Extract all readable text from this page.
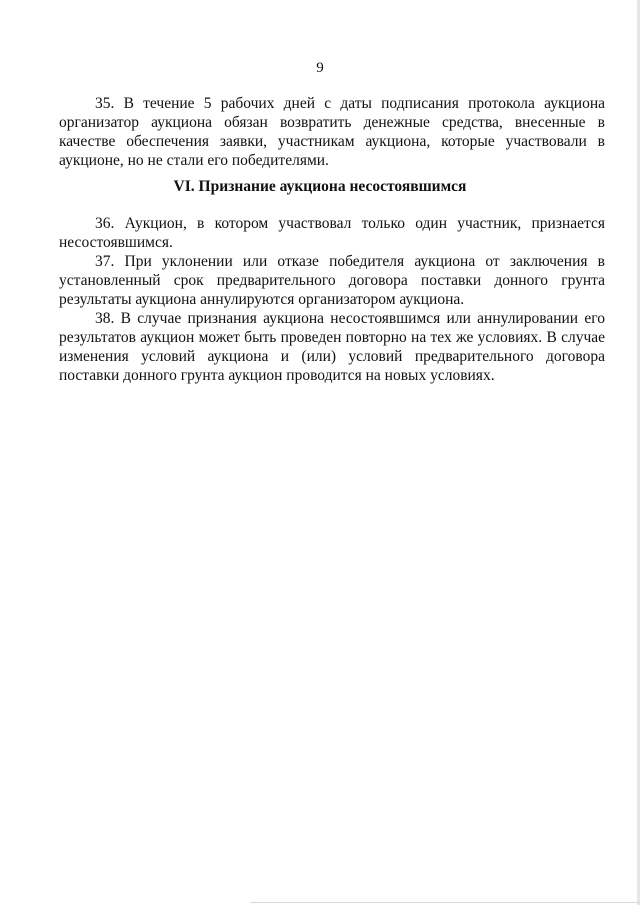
9

35. В течение 5 рабочих дней с даты подписания протокола аукциона организатор аукциона обязан возвратить денежные средства, внесенные в качестве обеспечения заявки, участникам аукциона, которые участвовали в аукционе, но не стали его победителями.

VI. Признание аукциона несостоявшимся

36. Аукцион, в котором участвовал только один участник, признается несостоявшимся.

37. При уклонении или отказе победителя аукциона от заключения в установленный срок предварительного договора поставки донного грунта результаты аукциона аннулируются организатором аукциона.

38. В случае признания аукциона несостоявшимся или аннулировании его результатов аукцион может быть проведен повторно на тех же условиях. В случае изменения условий аукциона и (или) условий предварительного договора поставки донного грунта аукцион проводится на новых условиях.
